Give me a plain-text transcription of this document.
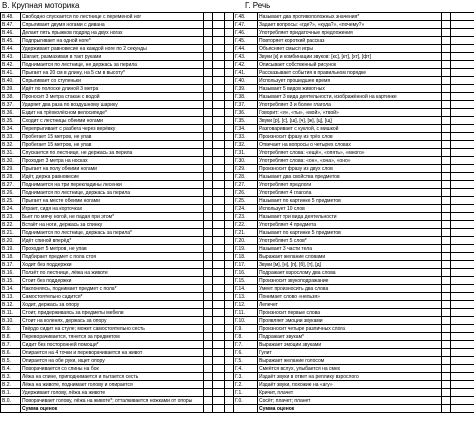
В. Крупная моторика	Г. Речь
В.48.	Свободно спускается по лестнице с переменой ног				Г.48.	Называет два противоположных значения*		
В.47.	Спрыгивает двумя ногами с дивана				Г.47.	Задает вопросы: «где?», «куда?», «почему?»		
В.46.	Делает пять прыжков подряд на двух ногах				Г.46.	Употребляет придаточные предложения		
В.45.	Подпрыгивает на одной ноге*				Г.45.	Повторяет короткий рассказ		
В.44.	Удерживает равновесие на каждой ноге по 2 секунды				Г.44.	Объясняет смысл игры		
В.43.	Шагает, размахивая в такт руками				Г.43.	Звуки [к] и комбинации звуков: [кс], [кт], [хт], [фт]		
В.42.	Поднимается по лестнице, не держась за перила				Г.42.	Описывает собственный рисунок		
В.41.	Прыгает на 20 см в длину, на 5 см в высоту*				Г.41.	Рассказывает события в правильном порядке		
В.40.	Спрыгивает со ступеньки				Г.40.	Использует прошедшее время		
В.39.	Идёт по полоске длиной 3 метра				Г.39.	Называет 5 видов животных		
В.38.	Проносит 3 метра стакан с водой				Г.38.	Называет 3 вида деятельности, изображённой на картинке		
В.37.	Ударяет два раза по воздушному шарику				Г.37.	Употребляет 3 и более глагола		
В.36.	Ездит на трёхколёсном велосипеде*				Г.36.	Говорит: «я», «ты», «мой», «твой»		
В.35.	Сходит с лестницы обеими ногами				Г.35.	Звуки [р], [с], [ш], [ч], [ж], [ц], [щ]		
В.34.	Перепрыгивает с разбега через верёвку				Г.34.	Разговаривает с куклой, с мишкой		
В.33.	Пробегает 15 метров, не упав				Г.33.	Произносит фразу из трёх слов		
В.32.	Пробегает 15 метров, не упав				Г.32.	Отвечает на вопросы о четырех словах		
В.31.	Спускается по лестнице, не держась за перила				Г.31.	Употребляет слова: «ещё», «опять», «много»		
В.30.	Проходит 3 метра на носках				Г.30.	Употребляет слова: «он», «она», «оно»		
В.29.	Прыгает на полу обеими ногами				Г.29.	Произносит фразу из двух слов		
В.28.	Идёт, держа равновесие				Г.28.	Называет два свойства предметов		
В.27.	Поднимается на три перекладины лесенки				Г.27.	Употребляет предлоги		
В.26.	Поднимается по лестнице, держась за перила				Г.26.	Употребляет 4 глагола		
В.25.	Прыгает на месте обеими ногами				Г.25.	Называет по картинке 5 предметов		
В.24.	Играет, сидя на корточках				Г.24.	Использует 10 слов		
В.23.	Бьет по мячу ногой, не падая при этом*				Г.23.	Называет три вида деятельности		
В.22.	Встаёт на ноги, держась за спинку				Г.22.	Употребляет 4 предмета		
В.21.	Поднимается по лестнице, держась за перила*				Г.21.	Называет по картинке 5 предметов		
В.20.	Идёт спиной вперёд*				Г.20.	Употребляет 5 слов*		
В.19.	Проходит 5 метров, не упав				Г.19.	Называет 3 части тела		
В.18.	Подбирает предмет с пола стоя				Г.18.	Выражает желание словами		
В.17.	Ходит без поддержки				Г.17.	Звуки [м], [н], [п], [б], [т], [д]		
В.16.	Ползёт по лестнице, лёжа на животе				Г.16.	Подражает взрослому два слова		
В.15.	Стоит без поддержки				Г.15.	Произносит звукоподражание		
В.14.	Наклоняясь, поднимает предмет с пола*				Г.14.	Умеет произносить два слова		
В.13.	Самостоятельно садится*				Г.13.	Понимает слово «нельзя»		
В.12.	Ходит, держась за опору				Г.12.	Лепечет		
В.11.	Стоит, придерживаясь за предметы мебели				Г.11.	Произносит первые слова		
В.10.	Стоит на коленях, держась за опору				Г.10.	Проявляет эмоции звуками		
В.9.	Твёрдо сидит на стуле; может самостоятельно сесть				Г.9.	Произносит четыре различных слога		
В.8.	Переворачивается, тянется за предметом				Г.8.	Подражает звукам*		
В.7.	Сидит без посторонней помощи*				Г.7.	Выражает эмоции звуками		
В.6.	Опирается на 4 точки и переворачивается на живот				Г.6.	Гулит		
В.5.	Опирается на обе руки, ищет опору				Г.5.	Выражает желание голосом		
В.4.	Поворачивается со спины на бок				Г.4.	Смеётся вслух, улыбается на смех		
В.3.	Лёжа на спине, приподнимается и пытается сесть				Г.3.	Издаёт звуки в ответ на реплику взрослого		
В.2.	Лёжа на животе, поднимает голову и опирается				Г.2.	Издаёт звуки, похожие на «агу»		
В.1.	Удерживает голову, лёжа на животе				Г.1.	Кричит, плачет		
В.0.	Поворачивает голову, лёжа на животе*; отталкивается ножками от опоры				Г.0.	Сосёт; плачет; планет		
	Сумма оценок					Сумма оценок		
